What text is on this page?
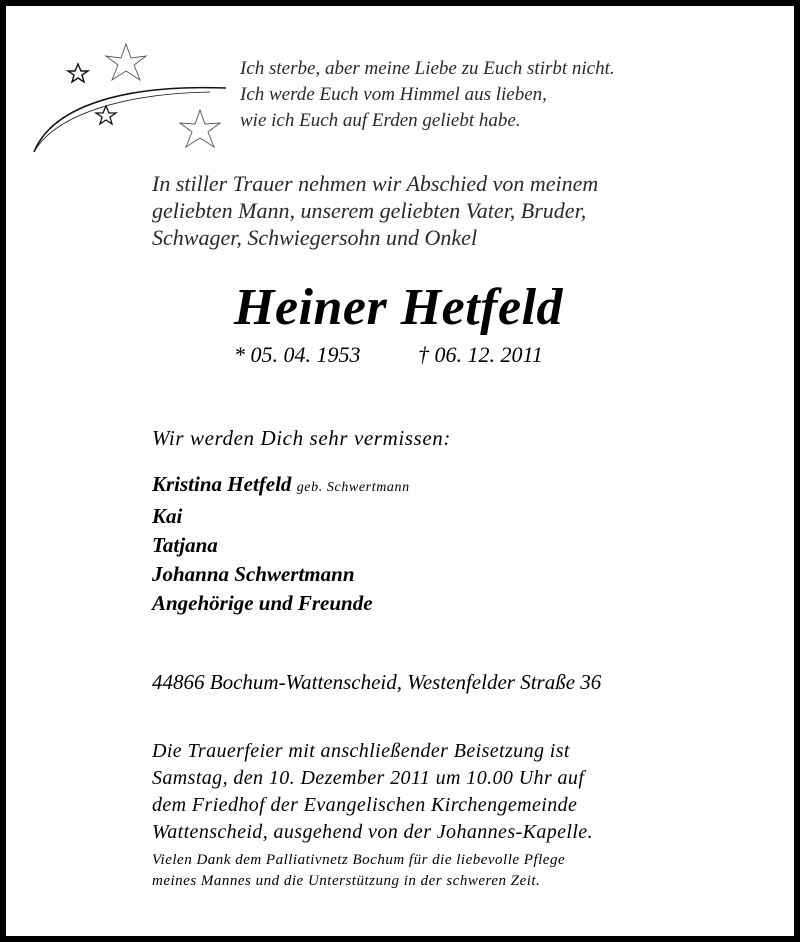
Ich sterbe, aber meine Liebe zu Euch stirbt nicht.
Ich werde Euch vom Himmel aus lieben,
wie ich Euch auf Erden geliebt habe.
In stiller Trauer nehmen wir Abschied von meinem
geliebten Mann, unserem geliebten Vater, Bruder,
Schwager, Schwiegersohn und Onkel
Heiner Hetfeld
* 05. 04. 1953	† 06. 12. 2011
Wir werden Dich sehr vermissen:
Kristina Hetfeld geb. Schwertmann
Kai
Tatjana
Johanna Schwertmann
Angehörige und Freunde
44866 Bochum-Wattenscheid, Westenfelder Straße 36
Die Trauerfeier mit anschließender Beisetzung ist
Samstag, den 10. Dezember 2011 um 10.00 Uhr auf
dem Friedhof der Evangelischen Kirchengemeinde
Wattenscheid, ausgehend von der Johannes-Kapelle.
Vielen Dank dem Palliativnetz Bochum für die liebevolle Pflege
meines Mannes und die Unterstützung in der schweren Zeit.
